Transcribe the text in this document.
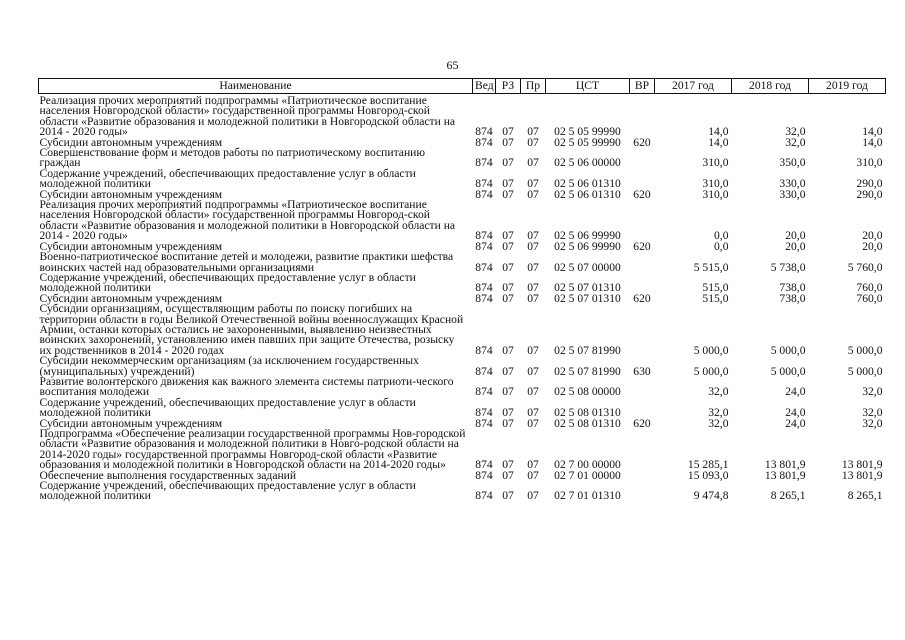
65
Наименование	Вед	РЗ	Пр	ЦСТ	ВР	2017 год	2018 год	2019 год
Реализация прочих мероприятий подпрограммы «Патриотическое воспитание населения Новгородской области» государственной программы Новгород-ской области «Развитие образования и молодежной политики в Новгородской области на 2014 - 2020 годы»	874	07	07	02 5 05 99990		14,0	32,0	14,0
Субсидии автономным учреждениям	874	07	07	02 5 05 99990	620	14,0	32,0	14,0
Совершенствование форм и методов работы по патриотическому воспитанию граждан	874	07	07	02 5 06 00000		310,0	350,0	310,0
Содержание учреждений, обеспечивающих предоставление услуг в области молодежной политики	874	07	07	02 5 06 01310		310,0	330,0	290,0
Субсидии автономным учреждениям	874	07	07	02 5 06 01310	620	310,0	330,0	290,0
Реализация прочих мероприятий подпрограммы «Патриотическое воспитание населения Новгородской области» государственной программы Новгород-ской области «Развитие образования и молодежной политики в Новгородской области на 2014 - 2020 годы»	874	07	07	02 5 06 99990		0,0	20,0	20,0
Субсидии автономным учреждениям	874	07	07	02 5 06 99990	620	0,0	20,0	20,0
Военно-патриотическое воспитание детей и молодежи, развитие практики шефства воинских частей над образовательными организациями	874	07	07	02 5 07 00000		5 515,0	5 738,0	5 760,0
Содержание учреждений, обеспечивающих предоставление услуг в области молодежной политики	874	07	07	02 5 07 01310		515,0	738,0	760,0
Субсидии автономным учреждениям	874	07	07	02 5 07 01310	620	515,0	738,0	760,0
Субсидии организациям, осуществляющим работы по поиску погибших на территории области в годы Великой Отечественной войны военнослужащих Красной Армии, останки которых остались не захороненными, выявлению неизвестных воинских захоронений, установлению имен павших при защите Отечества, розыску их родственников в 2014 - 2020 годах	874	07	07	02 5 07 81990		5 000,0	5 000,0	5 000,0
Субсидии некоммерческим организациям (за исключением государственных (муниципальных) учреждений)	874	07	07	02 5 07 81990	630	5 000,0	5 000,0	5 000,0
Развитие волонтерского движения как важного элемента системы патриоти-ческого воспитания молодежи	874	07	07	02 5 08 00000		32,0	24,0	32,0
Содержание учреждений, обеспечивающих предоставление услуг в области молодежной политики	874	07	07	02 5 08 01310		32,0	24,0	32,0
Субсидии автономным учреждениям	874	07	07	02 5 08 01310	620	32,0	24,0	32,0
Подпрограмма «Обеспечение реализации государственной программы Нов-городской области «Развитие образования и молодежной политики в Новго-родской области на 2014-2020 годы» государственной программы Новгород-ской области «Развитие образования и молодежной политики в Новгородской области на 2014-2020 годы»	874	07	07	02 7 00 00000		15 285,1	13 801,9	13 801,9
Обеспечение выполнения государственных заданий	874	07	07	02 7 01 00000		15 093,0	13 801,9	13 801,9
Содержание учреждений, обеспечивающих предоставление услуг в области молодежной политики	874	07	07	02 7 01 01310		9 474,8	8 265,1	8 265,1
